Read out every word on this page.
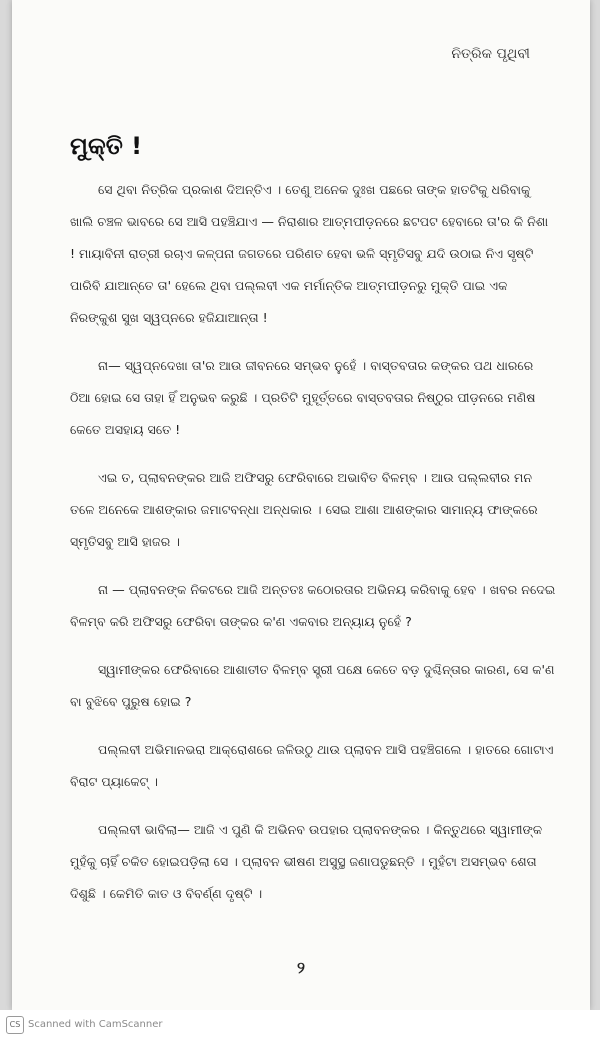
ନିତ୍ରିକ ପୃଥିବୀ
ମୁକ୍ତି !

ସେ ଥିବା ନିତ୍ରିକ ପ୍ରକାଶ ଦିଅନ୍ତିଏ । ତେଣୁ ଅନେକ ଦୁଃଖ ପଛରେ ତାଙ୍କ ହାତଟିକୁ ଧରିବାକୁ ଖାଲି ଚଞ୍ଚଳ ଭାବରେ ସେ ଆସି ପହଞ୍ଚିଯାଏ — ନିରାଶାର ଆତ୍ମପୀଡ଼ନରେ ଛଟପଟ ହେବାରେ ତା'ର କି ନିଶା ! ମାୟାବିନୀ ରାତ୍ରୀ ରଚାଏ କଳ୍ପନା ଜଗତରେ ପରିଣତ ହେବା ଭଳି ସ୍ମୃତିସବୁ ଯଦି ଉଠାଇ ନିଏ ସୃଷ୍ଟି ପାରିବି ଯାଆନ୍ତେ ତା' ହେଲେ ଥିବା ପଲ୍ଲବୀ ଏକ ମର୍ମାନ୍ତିକ ଆତ୍ମପୀଡ଼ନରୁ ମୁକ୍ତି ପାଇ ଏକ ନିରଙ୍କୁଶ ସୁଖ ସ୍ୱପ୍ନରେ ହଜିଯାଆନ୍ତା !

ନା— ସ୍ୱପ୍ନଦେଖା ତା'ର ଆଉ ଜୀବନରେ ସମ୍ଭବ ନୁହେଁ । ବାସ୍ତବତାର କଙ୍କର ପଥ ଧାରରେ ଠିଆ ହୋଇ ସେ ତାହା ହିଁ ଅନୁଭବ କରୁଛି । ପ୍ରତିଟି ମୁହୂର୍ତ୍ତରେ ବାସ୍ତବତାର ନିଷ୍ଠୁର ପୀଡ଼ନରେ ମଣିଷ କେତେ ଅସହାୟ ସତେ !

ଏଇ ତ, ପ୍ଲାବନଙ୍କର ଆଜି ଅଫିସରୁ ଫେରିବାରେ ଅଭାବିତ ବିଳମ୍ବ । ଆଉ ପଲ୍ଲବୀର ମନ ତଳେ ଅନେକେ ଆଶଙ୍କାର ଜମାଟବନ୍ଧା ଅନ୍ଧକାର । ସେଇ ଆଶା ଆଶଙ୍କାର ସାମାନ୍ୟ ଫାଙ୍କରେ ସ୍ମୃତିସବୁ ଆସି ହାଜର ।

ନା — ପ୍ଲାବନଙ୍କ ନିକଟରେ ଆଜି ଅନ୍ତତଃ କଠୋରତାର ଅଭିନୟ କରିବାକୁ ହେବ । ଖବର ନଦେଇ ବିଳମ୍ବ କରି ଅଫିସରୁ ଫେରିବା ତାଙ୍କର କ'ଣ ଏକବାର ଅନ୍ୟାୟ ନୁହେଁ ?

ସ୍ୱାମୀଙ୍କର ଫେରିବାରେ ଆଶାତୀତ ବିଳମ୍ବ ସ୍ତ୍ରୀ ପକ୍ଷେ କେତେ ବଡ଼ ଦୁଶ୍ଚିନ୍ତାର କାରଣ, ସେ କ'ଣ ବା ବୁଝିବେ ପୁରୁଷ ହୋଇ ?

ପଲ୍ଲବୀ ଅଭିମାନଭରା ଆକ୍ରୋଶରେ ଜଳିଉଠୁ ଥାଉ ପ୍ଲାବନ ଆସି ପହଞ୍ଚିଗଲେ । ହାତରେ ଗୋଟାଏ ବିରାଟ ପ୍ୟାକେଟ୍ ।

ପଲ୍ଲବୀ ଭାବିଲା— ଆଜି ଏ ପୁଣି କି ଅଭିନବ ଉପହାର ପ୍ଲାବନଙ୍କର । କିନ୍ତୁଥରେ ସ୍ୱାମୀଙ୍କ ମୁହଁକୁ ଚାହିଁ ଚକିତ ହୋଇପଡ଼ିଲା ସେ । ପ୍ଲାବନ ଭୀଷଣ ଅସୁସ୍ଥ ଜଣାପଡୁଛନ୍ତି । ମୁହଁଟା ଅସମ୍ଭବ ଶେତା ଦିଶୁଛି । କେମିତି କାତ ଓ ବିବର୍ଣ୍ଣ ଦୃଷ୍ଟି ।

୨
CS Scanned with CamScanner
